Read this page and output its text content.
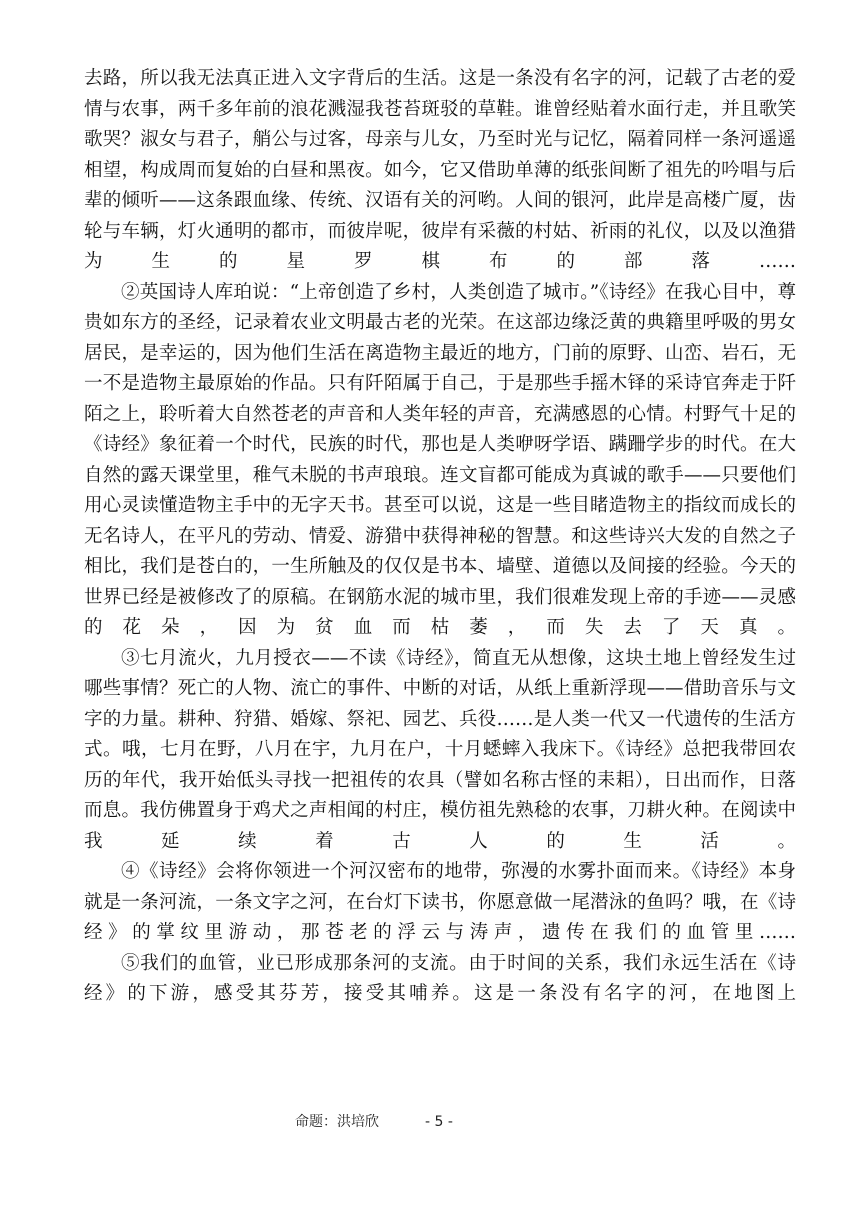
去路，所以我无法真正进入文字背后的生活。这是一条没有名字的河，记载了古老的爱情与农事，两千多年前的浪花溅湿我苍苔斑驳的草鞋。谁曾经贴着水面行走，并且歌笑歌哭？淑女与君子，艄公与过客，母亲与儿女，乃至时光与记忆，隔着同样一条河遥遥相望，构成周而复始的白昼和黑夜。如今，它又借助单薄的纸张间断了祖先的吟唱与后辈的倾听——这条跟血缘、传统、汉语有关的河哟。人间的银河，此岸是高楼广厦，齿轮与车辆，灯火通明的都市，而彼岸呢，彼岸有采薇的村姑、祈雨的礼仪，以及以渔猎为生的星罗棋布的部落……

②英国诗人库珀说：“上帝创造了乡村，人类创造了城市。”《诗经》在我心目中，尊贵如东方的圣经，记录着农业文明最古老的光荣。在这部边缘泛黄的典籍里呼吸的男女居民，是幸运的，因为他们生活在离造物主最近的地方，门前的原野、山峦、岩石，无一不是造物主最原始的作品。只有阡陌属于自己，于是那些手摇木铎的采诗官奔走于阡陌之上，聆听着大自然苍老的声音和人类年轻的声音，充满感恩的心情。村野气十足的《诗经》象征着一个时代，民族的时代，那也是人类咿呀学语、蹒跚学步的时代。在大自然的露天课堂里，稚气未脱的书声琅琅。连文盲都可能成为真诚的歌手——只要他们用心灵读懂造物主手中的无字天书。甚至可以说，这是一些目睹造物主的指纹而成长的无名诗人，在平凡的劳动、情爱、游猎中获得神秘的智慧。和这些诗兴大发的自然之子相比，我们是苍白的，一生所触及的仅仅是书本、墙壁、道德以及间接的经验。今天的世界已经是被修改了的原稿。在钢筋水泥的城市里，我们很难发现上帝的手迹——灵感的花朵，因为贫血而枯萎，而失去了天真。

③七月流火，九月授衣——不读《诗经》，简直无从想像，这块土地上曾经发生过哪些事情？死亡的人物、流亡的事件、中断的对话，从纸上重新浮现——借助音乐与文字的力量。耕种、狩猎、婚嫁、祭祀、园艺、兵役……是人类一代又一代遗传的生活方式。哦，七月在野，八月在宇，九月在户，十月蟋蟀入我床下。《诗经》总把我带回农历的年代，我开始低头寻找一把祖传的农具（譬如名称古怪的耒耜），日出而作，日落而息。我仿佛置身于鸡犬之声相闻的村庄，模仿祖先熟稔的农事，刀耕火种。在阅读中我延续着古人的生活。

④《诗经》会将你领进一个河汉密布的地带，弥漫的水雾扑面而来。《诗经》本身就是一条河流，一条文字之河，在台灯下读书，你愿意做一尾潜泳的鱼吗？哦，在《诗经》的掌纹里游动，那苍老的浮云与涛声，遗传在我们的血管里……

⑤我们的血管，业已形成那条河的支流。由于时间的关系，我们永远生活在《诗经》的下游，感受其芬芳，接受其哺养。这是一条没有名字的河，在地图上

命题：洪培欣	- 5 -
